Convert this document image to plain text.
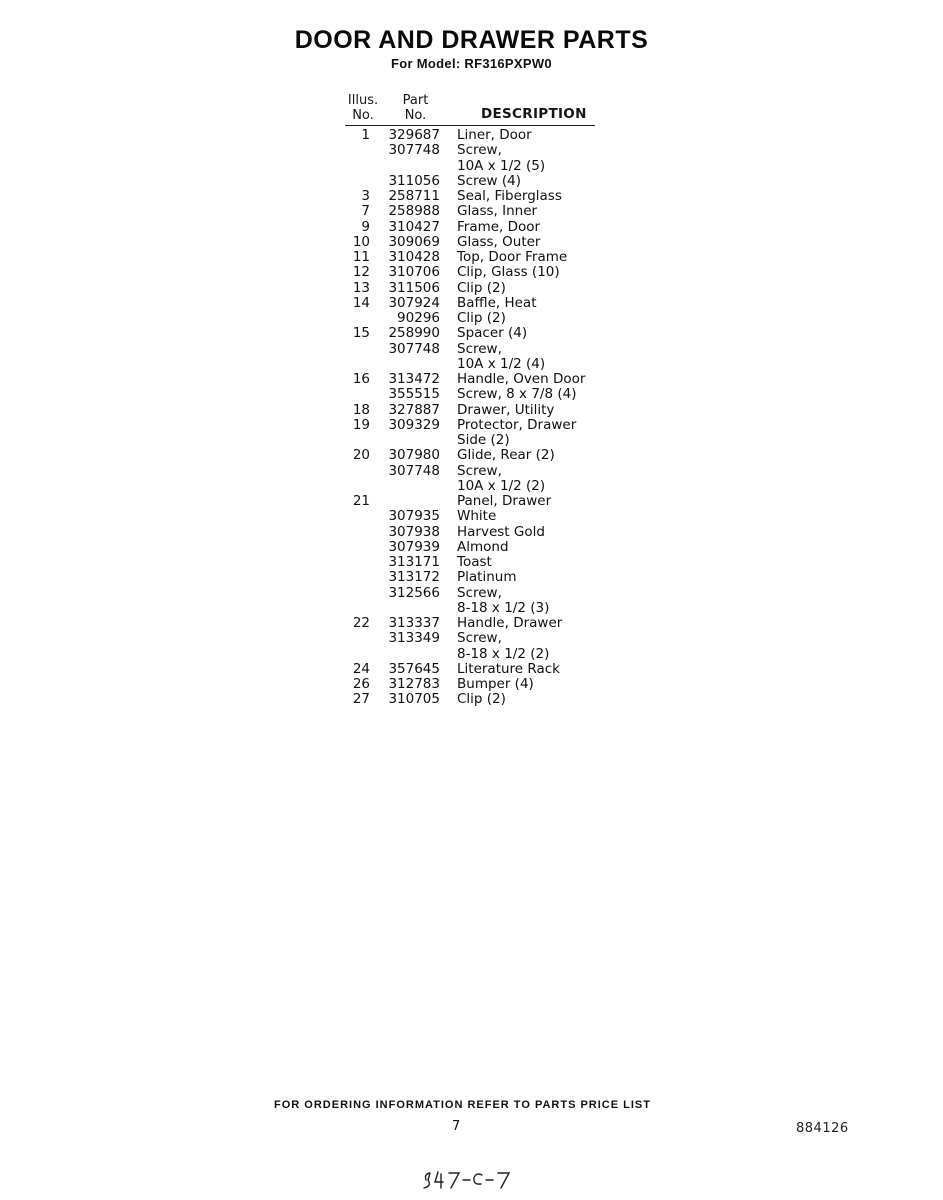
DOOR AND DRAWER PARTS
For Model: RF316PXPW0
Illus.
No.
Part
No.	DESCRIPTION
1 329687 Liner, Door
307748 Screw,
10A x 1/2 (5)
311056 Screw (4)
3 258711 Seal, Fiberglass
7 258988 Glass, Inner
9 310427 Frame, Door
10 309069 Glass, Outer
11 310428 Top, Door Frame
12 310706 Clip, Glass (10)
13 311506 Clip (2)
14 307924 Baffle, Heat
90296 Clip (2)
15 258990 Spacer (4)
307748 Screw,
10A x 1/2 (4)
16 313472 Handle, Oven Door
355515 Screw, 8 x 7/8 (4)
18 327887 Drawer, Utility
19 309329 Protector, Drawer
Side (2)
20 307980 Glide, Rear (2)
307748 Screw,
10A x 1/2 (2)
21	Panel, Drawer
307935 White
307938 Harvest Gold
307939 Almond
313171 Toast
313172 Platinum
312566 Screw,
8-18 x 1/2 (3)
22 313337 Handle, Drawer
313349 Screw,
8-18 x 1/2 (2)
24 357645 Literature Rack
26 312783 Bumper (4)
27 310705 Clip (2)
FOR ORDERING INFORMATION REFER TO PARTS PRICE LIST
7	884126
